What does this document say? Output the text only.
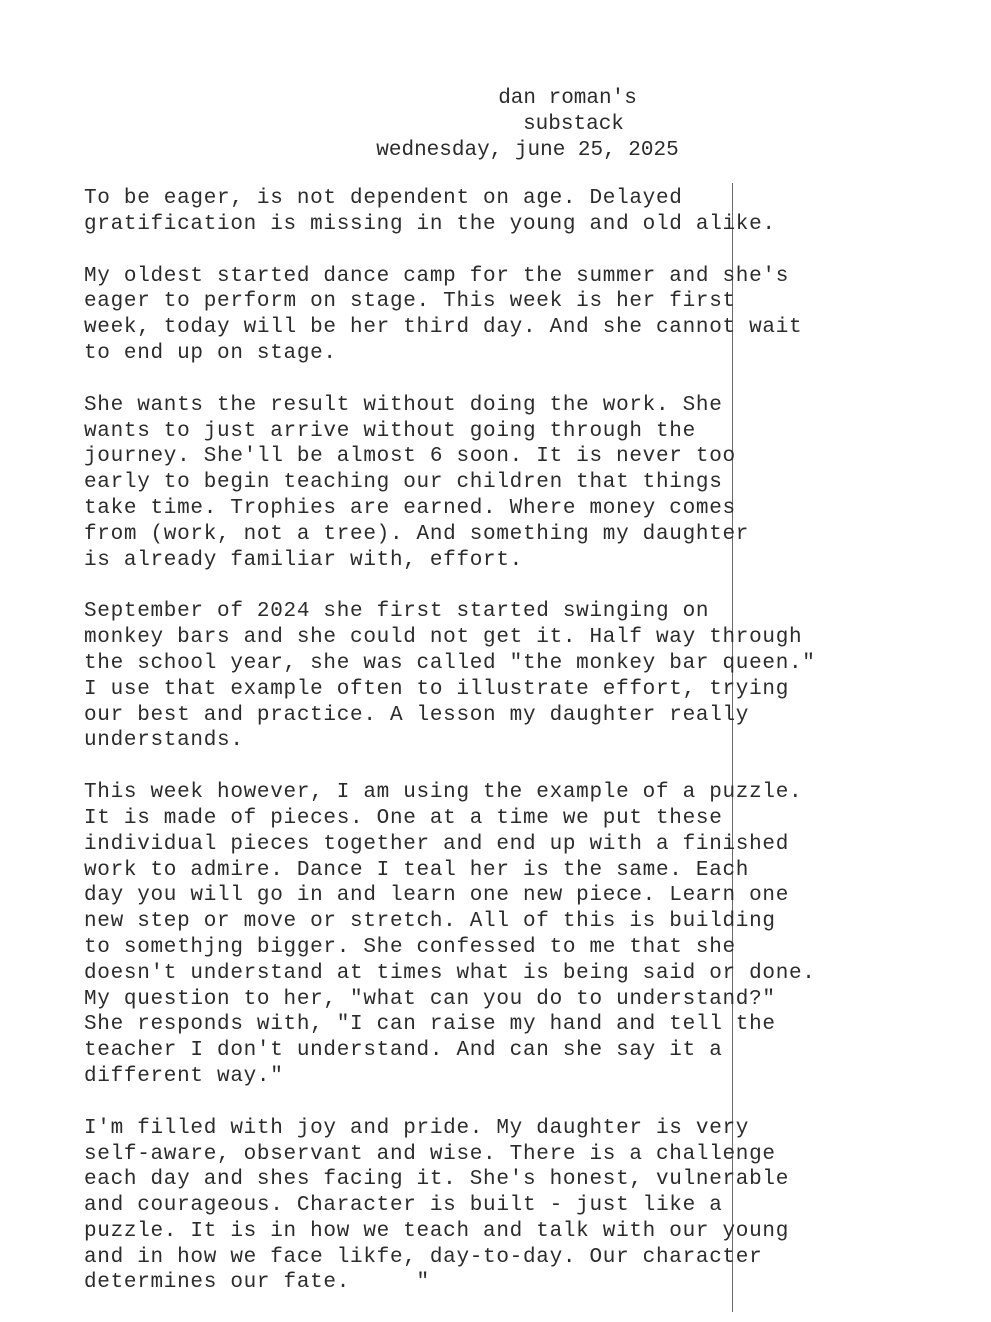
dan roman's
substack
wednesday, june 25, 2025
To be eager, is not dependent on age. Delayed
gratification is missing in the young and old alike.
My oldest started dance camp for the summer and she's
eager to perform on stage. This week is her first
week, today will be her third day. And she cannot wait
to end up on stage.
She wants the result without doing the work. She
wants to just arrive without going through the
journey. She'll be almost 6 soon. It is never too
early to begin teaching our children that things
take time. Trophies are earned. Where money comes
from (work, not a tree). And something my daughter
is already familiar with, effort.
September of 2024 she first started swinging on
monkey bars and she could not get it. Half way through
the school year, she was called "the monkey bar queen."
I use that example often to illustrate effort, trying
our best and practice. A lesson my daughter really
understands.
This week however, I am using the example of a puzzle.
It is made of pieces. One at a time we put these
individual pieces together and end up with a finished
work to admire. Dance I teal her is the same. Each
day you will go in and learn one new piece. Learn one
new step or move or stretch. All of this is building
to somethjng bigger. She confessed to me that she
doesn't understand at times what is being said or done.
My question to her, "what can you do to understand?"
She responds with, "I can raise my hand and tell the
teacher I don't understand. And can she say it a
different way."
I'm filled with joy and pride. My daughter is very
self-aware, observant and wise. There is a challenge
each day and shes facing it. She's honest, vulnerable
and courageous. Character is built - just like a
puzzle. It is in how we teach and talk with our young
and in how we face likfe, day-to-day. Our character
determines our fate.     "
